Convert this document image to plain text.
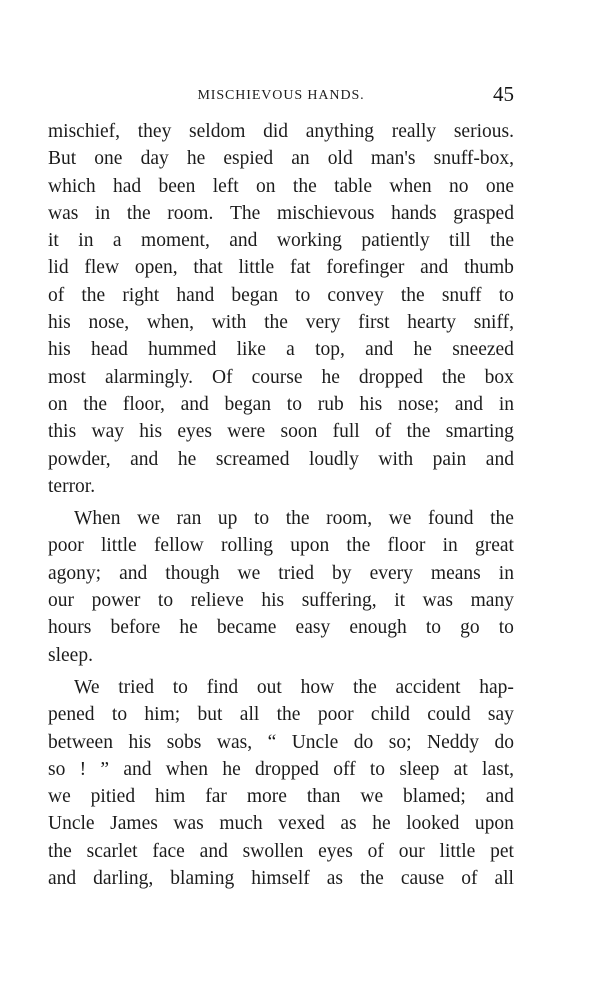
MISCHIEVOUS HANDS.	45
mischief, they seldom did anything really serious.
But one day he espied an old man's snuff-box,
which had been left on the table when no one
was in the room. The mischievous hands grasped
it in a moment, and working patiently till the
lid flew open, that little fat forefinger and thumb
of the right hand began to convey the snuff to
his nose, when, with the very first hearty sniff,
his head hummed like a top, and he sneezed
most alarmingly. Of course he dropped the box
on the floor, and began to rub his nose; and in
this way his eyes were soon full of the smarting
powder, and he screamed loudly with pain and
terror.
When we ran up to the room, we found the
poor little fellow rolling upon the floor in great
agony; and though we tried by every means in
our power to relieve his suffering, it was many
hours before he became easy enough to go to
sleep.
We tried to find out how the accident hap-
pened to him; but all the poor child could say
between his sobs was, “ Uncle do so; Neddy do
so ! ” and when he dropped off to sleep at last,
we pitied him far more than we blamed; and
Uncle James was much vexed as he looked upon
the scarlet face and swollen eyes of our little pet
and darling, blaming himself as the cause of all
